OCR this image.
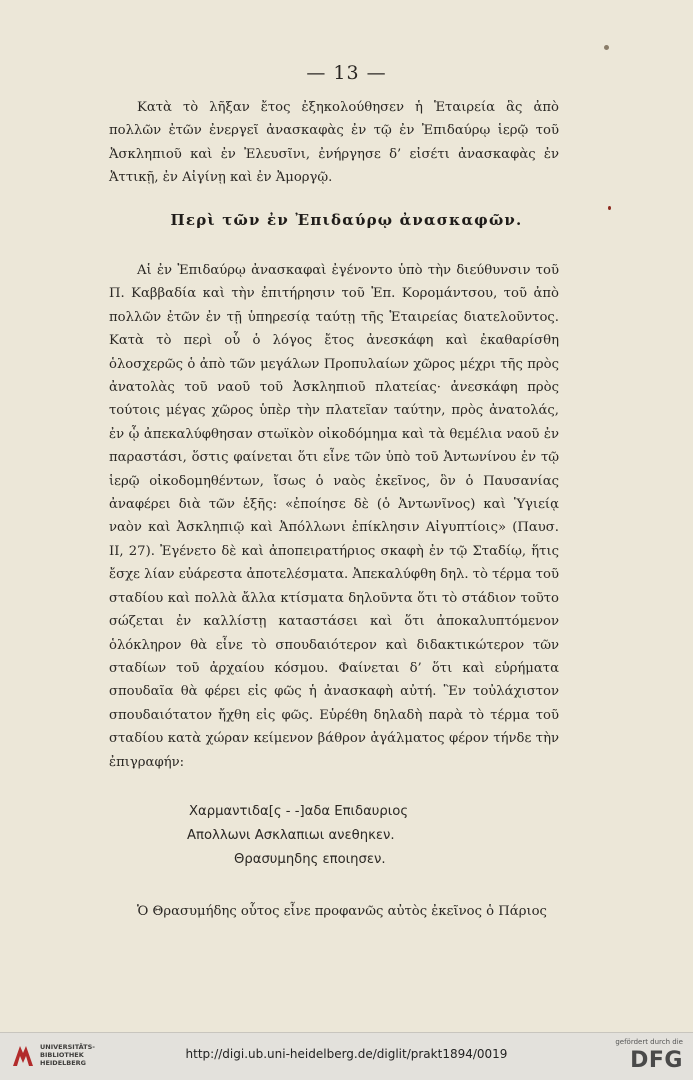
— 13 —

Κατὰ τὸ λῆξαν ἔτος ἐξηκολούθησεν ἡ Ἑταιρεία ἃς ἀπὸ πολλῶν ἐτῶν ἐνεργεῖ ἀνασκαφὰς ἐν τῷ ἐν Ἐπιδαύρῳ ἱερῷ τοῦ Ἀσκληπιοῦ καὶ ἐν Ἐλευσῖνι, ἐνήργησε δ’ εἰσέτι ἀνασκαφὰς ἐν Ἀττικῇ, ἐν Αἰγίνῃ καὶ ἐν Ἀμοργῷ.

Περὶ τῶν ἐν Ἐπιδαύρῳ ἀνασκαφῶν.

Αἱ ἐν Ἐπιδαύρῳ ἀνασκαφαὶ ἐγένοντο ὑπὸ τὴν διεύθυνσιν τοῦ Π. Καββαδία καὶ τὴν ἐπιτήρησιν τοῦ Ἐπ. Κορομάντσου, τοῦ ἀπὸ πολλῶν ἐτῶν ἐν τῇ ὑπηρεσίᾳ ταύτῃ τῆς Ἑταιρείας διατελοῦντος. Κατὰ τὸ περὶ οὗ ὁ λόγος ἔτος ἀνεσκάφη καὶ ἐκαθαρίσθη ὁλοσχερῶς ὁ ἀπὸ τῶν μεγάλων Προπυλαίων χῶρος μέχρι τῆς πρὸς ἀνατολὰς τοῦ ναοῦ τοῦ Ἀσκληπιοῦ πλατείας· ἀνεσκάφη πρὸς τούτοις μέγας χῶρος ὑπὲρ τὴν πλατεῖαν ταύτην, πρὸς ἀνατολάς, ἐν ᾧ ἀπεκαλύφθησαν στωϊκὸν οἰκοδόμημα καὶ τὰ θεμέλια ναοῦ ἐν παραστάσι, ὅστις φαίνεται ὅτι εἶνε τῶν ὑπὸ τοῦ Ἀντωνίνου ἐν τῷ ἱερῷ οἰκοδομηθέντων, ἴσως ὁ ναὸς ἐκεῖνος, ὃν ὁ Παυσανίας ἀναφέρει διὰ τῶν ἑξῆς: «ἐποίησε δὲ (ὁ Ἀντωνῖνος) καὶ Ὑγιείᾳ ναὸν καὶ Ἀσκληπιῷ καὶ Ἀπόλλωνι ἐπίκλησιν Αἰγυπτίοις» (Παυσ. ΙΙ, 27). Ἐγένετο δὲ καὶ ἀποπειρατήριος σκαφὴ ἐν τῷ Σταδίῳ, ἥτις ἔσχε λίαν εὐάρεστα ἀποτελέσματα. Ἀπεκαλύφθη δηλ. τὸ τέρμα τοῦ σταδίου καὶ πολλὰ ἄλλα κτίσματα δηλοῦντα ὅτι τὸ στάδιον τοῦτο σώζεται ἐν καλλίστῃ καταστάσει καὶ ὅτι ἀποκαλυπτόμενον ὁλόκληρον θὰ εἶνε τὸ σπουδαιότερον καὶ διδακτικώτερον τῶν σταδίων τοῦ ἀρχαίου κόσμου. Φαίνεται δ’ ὅτι καὶ εὑρήματα σπουδαῖα θὰ φέρει εἰς φῶς ἡ ἀνασκαφὴ αὐτή. Ἓν τοὐλάχιστον σπουδαιότατον ἤχθη εἰς φῶς. Εὑρέθη δηλαδὴ παρὰ τὸ τέρμα τοῦ σταδίου κατὰ χώραν κείμενον βάθρον ἀγάλματος φέρον τήνδε τὴν ἐπιγραφήν:

Χαρμαντιδα[ς - -]αδα Επιδαυριος
Απολλωνι Ασκλαπιωι ανεθηκεν.
Θρασυμηδης εποιησεν.

Ὁ Θρασυμήδης οὗτος εἶνε προφανῶς αὐτὸς ἐκεῖνος ὁ Πάριος

UNIVERSITÄTS-
BIBLIOTHEK
HEIDELBERG
http://digi.ub.uni-heidelberg.de/diglit/prakt1894/0019
gefördert durch die
DFG
